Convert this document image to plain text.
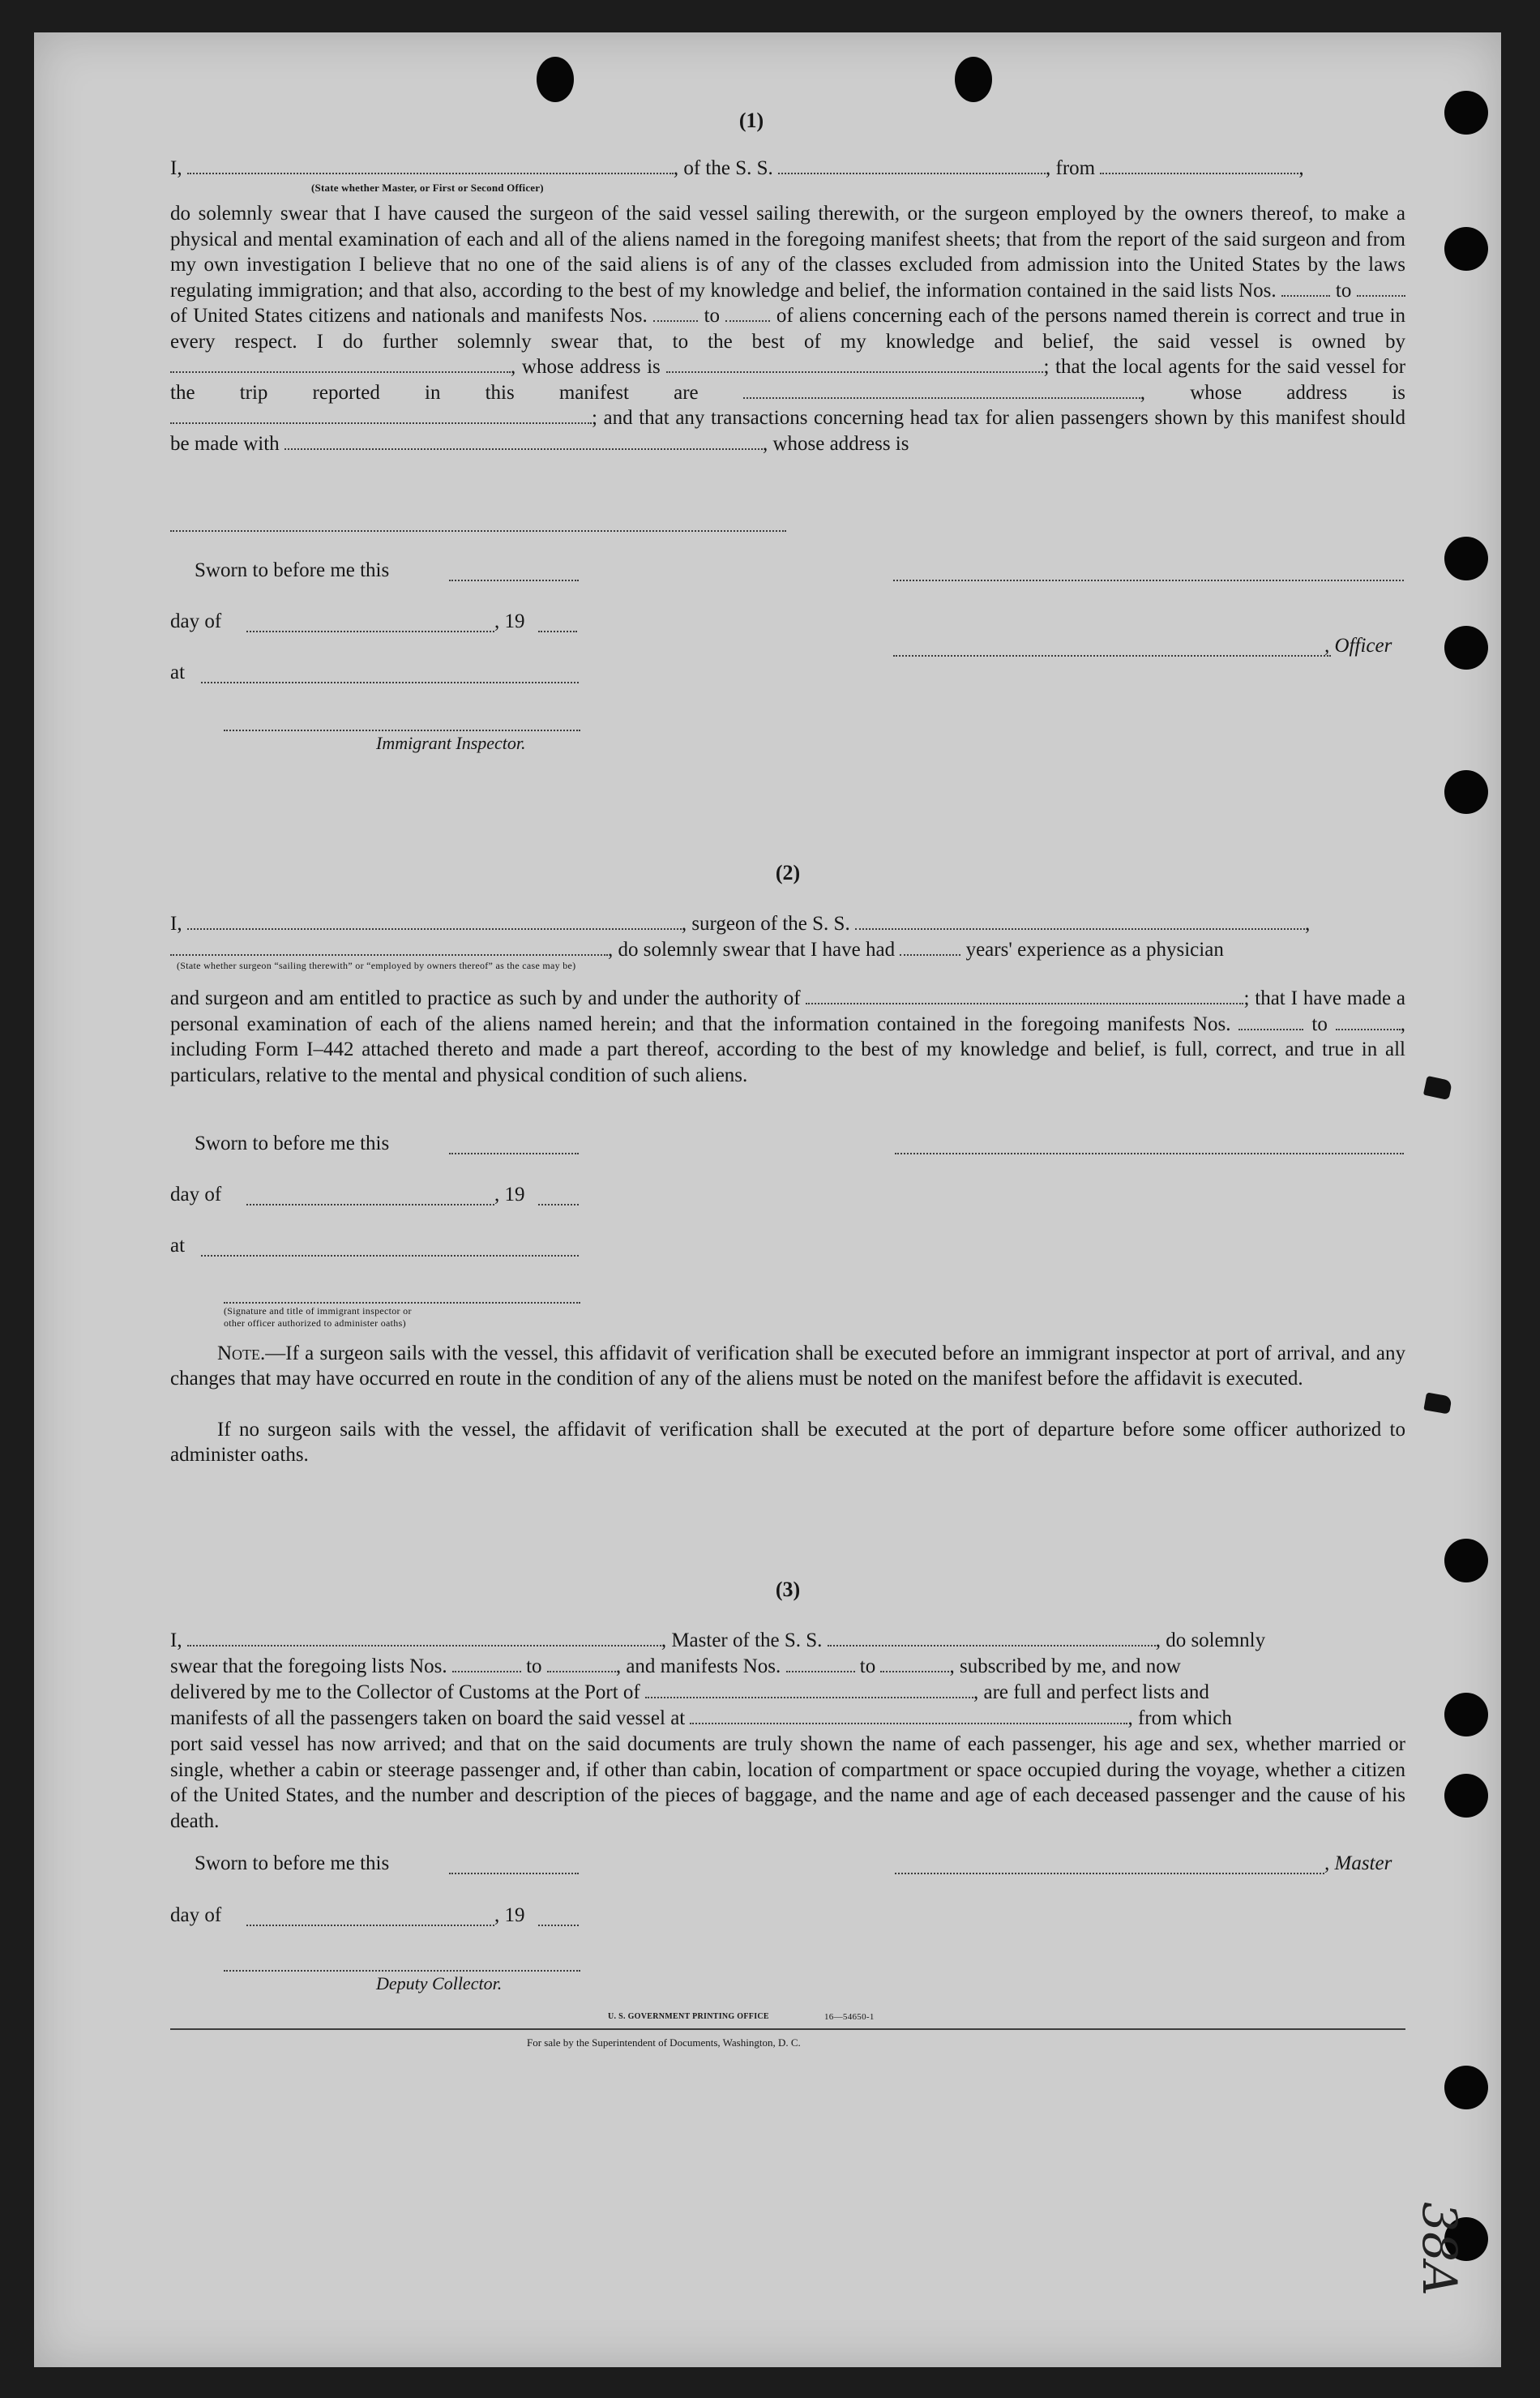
38A
(1)
I,	, of the S. S.	, from	,
(State whether Master, or First or Second Officer)
do solemnly swear that I have caused the surgeon of the said vessel sailing therewith, or the surgeon employed by the owners thereof, to make a physical and mental examination of each and all of the aliens named in the foregoing manifest sheets; that from the report of the said surgeon and from my own investigation I believe that no one of the said aliens is of any of the classes excluded from admission into the United States by the laws regulating immigration; and that also, according to the best of my knowledge and belief, the information contained in the said lists Nos.	to  of United States citizens and nationals and manifests Nos.	to	of aliens concerning each of the persons named therein is correct and true in every respect. I do further solemnly swear that, to the best of my knowledge and belief, the said vessel is owned by , whose address is	; that the local agents for the said vessel for the trip reported in this manifest are	, whose address is ; and that any transactions concerning head tax for alien passengers shown by this manifest should be made with	, whose address is
Sworn to before me this
day of	, 19
, Officer
at
Immigrant Inspector.
(2)
I,	, surgeon of the S. S.	,
, do solemnly swear that I have had	years' experience as a physician
(State whether surgeon “sailing therewith” or “employed by owners thereof” as the case may be)
and surgeon and am entitled to practice as such by and under the authority of	; that I have made a personal examination of each of the aliens named herein; and that the information contained in the foregoing manifests Nos.	to	, including Form I–442 attached thereto and made a part thereof, according to the best of my knowledge and belief, is full, correct, and true in all particulars, relative to the mental and physical condition of such aliens.
Sworn to before me this
day of	, 19
at
(Signature and title of immigrant inspector or
other officer authorized to administer oaths)
Note.—If a surgeon sails with the vessel, this affidavit of verification shall be executed before an immigrant inspector at port of arrival, and any changes that may have occurred en route in the condition of any of the aliens must be noted on the manifest before the affidavit is executed.
If no surgeon sails with the vessel, the affidavit of verification shall be executed at the port of departure before some officer authorized to administer oaths.
(3)
I,	, Master of the S. S.	, do solemnly
swear that the foregoing lists Nos.	to	, and manifests Nos.	to	, subscribed by me, and now
delivered by me to the Collector of Customs at the Port of	, are full and perfect lists and
manifests of all the passengers taken on board the said vessel at	, from which
port said vessel has now arrived; and that on the said documents are truly shown the name of each passenger, his age and sex, whether married or single, whether a cabin or steerage passenger and, if other than cabin, location of compartment or space occupied during the voyage, whether a citizen of the United States, and the number and description of the pieces of baggage, and the name and age of each deceased passenger and the cause of his death.
Sworn to before me this	, Master
day of	, 19
Deputy Collector.
U. S. GOVERNMENT PRINTING OFFICE	16—54650-1
For sale by the Superintendent of Documents, Washington, D. C.
